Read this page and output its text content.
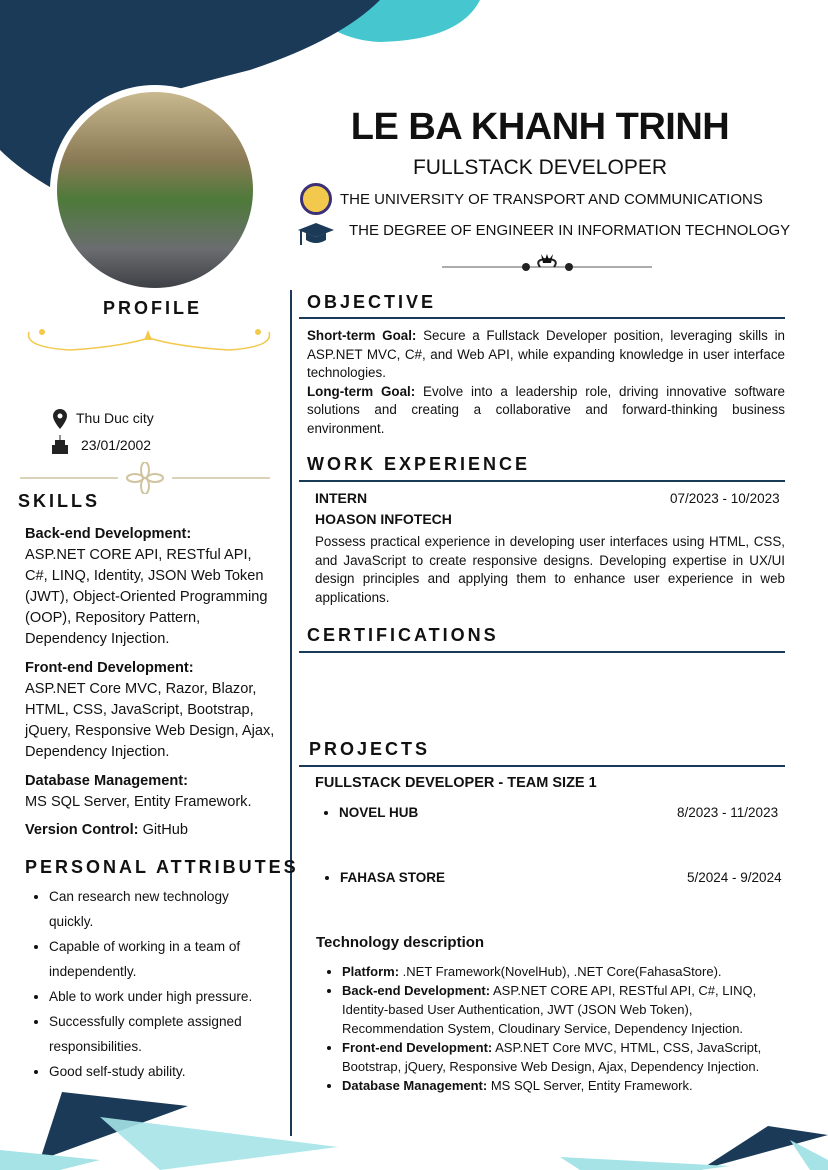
LE BA KHANH TRINH
FULLSTACK DEVELOPER
THE UNIVERSITY OF TRANSPORT AND COMMUNICATIONS
THE DEGREE OF ENGINEER IN INFORMATION TECHNOLOGY
PROFILE
Thu Duc city
23/01/2002
SKILLS
Back-end Development:
ASP.NET CORE API, RESTful API, C#, LINQ, Identity, JSON Web Token (JWT), Object-Oriented Programming (OOP), Repository Pattern, Dependency Injection.
Front-end Development:
ASP.NET Core MVC, Razor, Blazor, HTML, CSS, JavaScript, Bootstrap, jQuery, Responsive Web Design, Ajax, Dependency Injection.
Database Management:
MS SQL Server, Entity Framework.
Version Control: GitHub
PERSONAL ATTRIBUTES
• Can research new technology quickly.
• Capable of working in a team of independently.
• Able to work under high pressure.
• Successfully complete assigned responsibilities.
• Good self-study ability.
OBJECTIVE
Short-term Goal: Secure a Fullstack Developer position, leveraging skills in ASP.NET MVC, C#, and Web API, while expanding knowledge in user interface technologies.
Long-term Goal: Evolve into a leadership role, driving innovative software solutions and creating a collaborative and forward-thinking business environment.
WORK EXPERIENCE
INTERN	07/2023 - 10/2023
HOASON INFOTECH
Possess practical experience in developing user interfaces using HTML, CSS, and JavaScript to create responsive designs. Developing expertise in UX/UI design principles and applying them to enhance user experience in web applications.
CERTIFICATIONS
PROJECTS
FULLSTACK DEVELOPER - TEAM SIZE 1
• NOVEL HUB	8/2023 - 11/2023
• FAHASA STORE	5/2024 - 9/2024
Technology description
• Platform: .NET Framework(NovelHub), .NET Core(FahasaStore).
• Back-end Development: ASP.NET CORE API, RESTful API, C#, LINQ, Identity-based User Authentication, JWT (JSON Web Token), Recommendation System, Cloudinary Service, Dependency Injection.
• Front-end Development: ASP.NET Core MVC, HTML, CSS, JavaScript, Bootstrap, jQuery, Responsive Web Design, Ajax, Dependency Injection.
• Database Management: MS SQL Server, Entity Framework.
